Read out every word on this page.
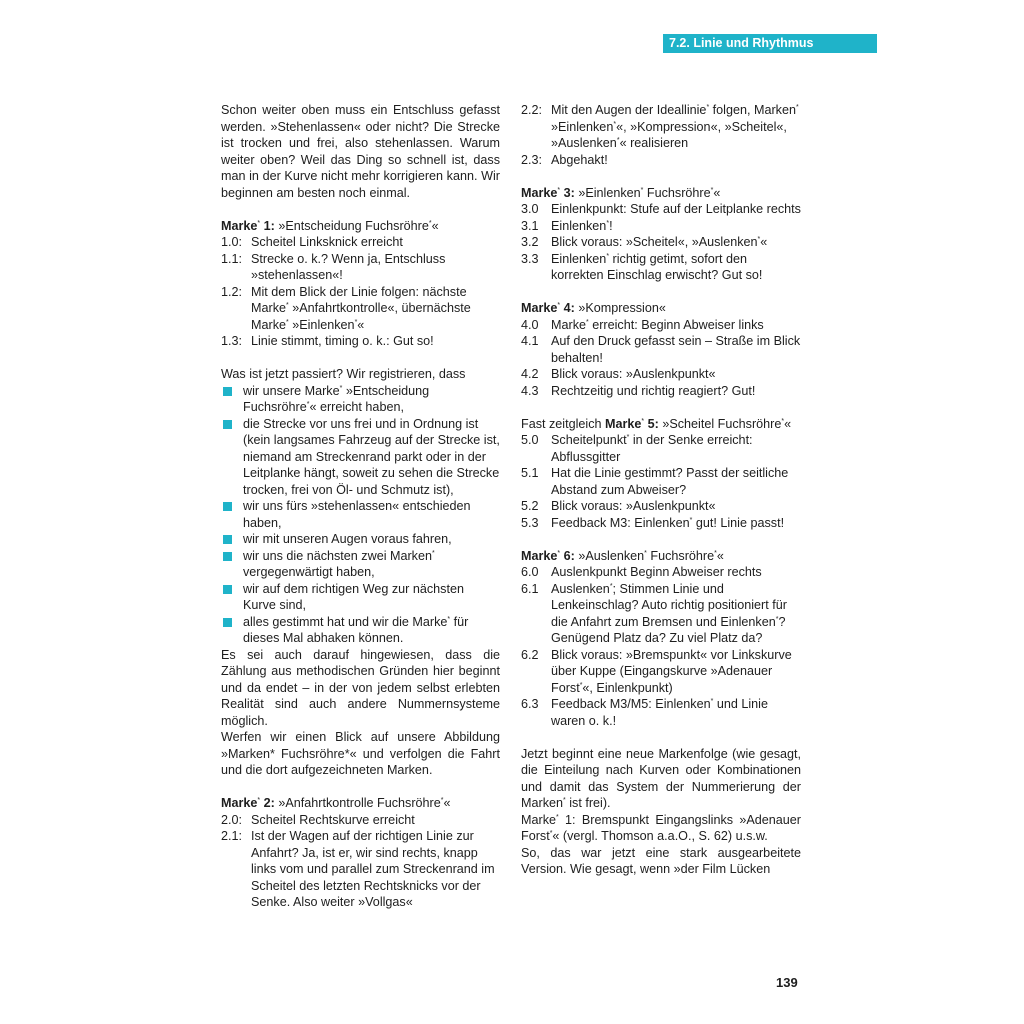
7.2. Linie und Rhythmus

Schon weiter oben muss ein Entschluss gefasst werden. »Stehenlassen« oder nicht? Die Strecke ist trocken und frei, also stehenlassen. Warum weiter oben? Weil das Ding so schnell ist, dass man in der Kurve nicht mehr korrigieren kann. Wir beginnen am besten noch einmal.

Marke* 1: »Entscheidung Fuchsröhre*«

1.0: Scheitel Linksknick erreicht
1.1: Strecke o. k.? Wenn ja, Entschluss »stehenlassen«!
1.2: Mit dem Blick der Linie folgen: nächste Marke* »Anfahrtkontrolle«, übernächste Marke* »Einlenken*«
1.3: Linie stimmt, timing o. k.: Gut so!

Was ist jetzt passiert? Wir registrieren, dass

wir unsere Marke* »Entscheidung Fuchsröhre*« erreicht haben,
die Strecke vor uns frei und in Ordnung ist (kein langsames Fahrzeug auf der Strecke ist, niemand am Streckenrand parkt oder in der Leitplanke hängt, soweit zu sehen die Strecke trocken, frei von Öl- und Schmutz ist),
wir uns fürs »stehenlassen« entschieden haben,
wir mit unseren Augen voraus fahren,
wir uns die nächsten zwei Marken* vergegenwärtigt haben,
wir auf dem richtigen Weg zur nächsten Kurve sind,
alles gestimmt hat und wir die Marke* für dieses Mal abhaken können.

Es sei auch darauf hingewiesen, dass die Zählung aus methodischen Gründen hier beginnt und da endet – in der von jedem selbst erlebten Realität sind auch andere Nummernsysteme möglich.

Werfen wir einen Blick auf unsere Abbildung »Marken* Fuchsröhre*« und verfolgen die Fahrt und die dort aufgezeichneten Marken.

Marke* 2: »Anfahrtkontrolle Fuchsröhre*«

2.0: Scheitel Rechtskurve erreicht
2.1: Ist der Wagen auf der richtigen Linie zur Anfahrt? Ja, ist er, wir sind rechts, knapp links vom und parallel zum Streckenrand im Scheitel des letzten Rechtsknicks vor der Senke. Also weiter »Vollgas«
2.2: Mit den Augen der Ideallinie* folgen, Marken* »Einlenken*«, »Kompression«, »Scheitel«, »Auslenken*« realisieren
2.3: Abgehakt!

Marke* 3: »Einlenken* Fuchsröhre*«

3.0 Einlenkpunkt: Stufe auf der Leitplanke rechts
3.1 Einlenken*!
3.2 Blick voraus: »Scheitel«, »Auslenken*«
3.3 Einlenken* richtig getimt, sofort den korrekten Einschlag erwischt? Gut so!

Marke* 4: »Kompression«

4.0 Marke* erreicht: Beginn Abweiser links
4.1 Auf den Druck gefasst sein – Straße im Blick behalten!
4.2 Blick voraus: »Auslenkpunkt«
4.3 Rechtzeitig und richtig reagiert? Gut!

Fast zeitgleich Marke* 5: »Scheitel Fuchsröhre*«

5.0 Scheitelpunkt* in der Senke erreicht: Abflussgitter
5.1 Hat die Linie gestimmt? Passt der seitliche Abstand zum Abweiser?
5.2 Blick voraus: »Auslenkpunkt«
5.3 Feedback M3: Einlenken* gut! Linie passt!

Marke* 6: »Auslenken* Fuchsröhre*«

6.0 Auslenkpunkt Beginn Abweiser rechts
6.1 Auslenken*; Stimmen Linie und Lenkeinschlag? Auto richtig positioniert für die Anfahrt zum Bremsen und Einlenken*? Genügend Platz da? Zu viel Platz da?
6.2 Blick voraus: »Bremspunkt« vor Linkskurve über Kuppe (Eingangskurve »Adenauer Forst*«, Einlenkpunkt)
6.3 Feedback M3/M5: Einlenken* und Linie waren o. k.!

Jetzt beginnt eine neue Markenfolge (wie gesagt, die Einteilung nach Kurven oder Kombinationen und damit das System der Nummerierung der Marken* ist frei).

Marke* 1: Bremspunkt Eingangslinks »Adenauer Forst*« (vergl. Thomson a.a.O., S. 62) u.s.w.

So, das war jetzt eine stark ausgearbeitete Version. Wie gesagt, wenn »der Film Lücken

139
